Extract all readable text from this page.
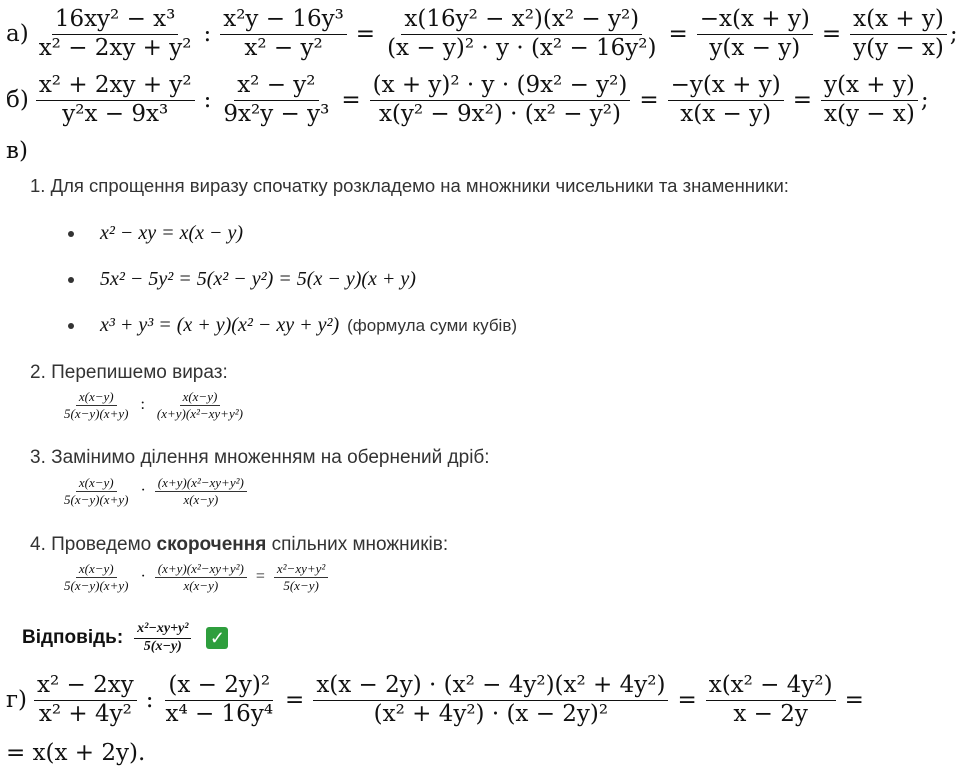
$а) \frac{\text{16xy² − x³}}{\text{x² − 2xy + y²}}$ : $\frac{\text{x²y − 16y³}}{\text{x² − y²}} = \frac{\text{x(16y² − x²)(x² − y²)}}{\text{(x − y)² · y · (x² − 16y²)}} = \frac{-x(x + y)}{y(x - y)} = \frac{x(x + y)}{y(y - x)}$ ;
$б) \frac{\text{x² + 2xy + y²}}{\text{y²x − 9x³}}$ : $\frac{\text{x² − y²}}{\text{9x²y − y³}} = \frac{\text{(x + y)² · y · (9x² − y²)}}{\text{x(y² − 9x²) · (x² − y²)}} = \frac{-y(x + y)}{x(x - y)} = \frac{y(x + y)}{x(y - x)}$ ;
в)
1. Для спрощення виразу спочатку розкладемо на множники чисельники та знаменники:
x² − xy = x(x − y)
5x² − 5y² = 5(x² − y²) = 5(x − y)(x + y)
x³ + y³ = (x + y)(x² − xy + y²) (формула суми кубів)
2. Перепишемо вираз:
$\frac{x(x-y)}{5(x-y)(x+y)}$ : $\frac{x(x-y)}{\text{(x+y)(x²−xy+y²)}}$
3. Замінимо ділення множенням на обернений дріб:
$\frac{x(x-y)}{5(x-y)(x+y)} \cdot \frac{\text{(x+y)(x²−xy+y²)}}{x(x-y)}$
4. Проведемо скорочення спільних множників:
$\frac{x(x-y)}{5(x-y)(x+y)} \cdot \frac{\text{(x+y)(x²−xy+y²)}}{x(x-y)} = \frac{\text{x²−xy+y²}}{5(x-y)}$
Відповідь: $\frac{\text{x²−xy+y²}}{5(x-y)}$ ✓
$г) \frac{\text{x² − 2xy}}{\text{x² + 4y²}}$ : $\frac{\text{(x − 2y)²}}{\text{x⁴ − 16y⁴}} = \frac{\text{x(x − 2y) · (x² − 4y²)(x² + 4y²)}}{\text{(x² + 4y²) · (x − 2y)²}} = \frac{\text{x(x² − 4y²)}}{x - 2y}$ =
= x(x + 2y).
